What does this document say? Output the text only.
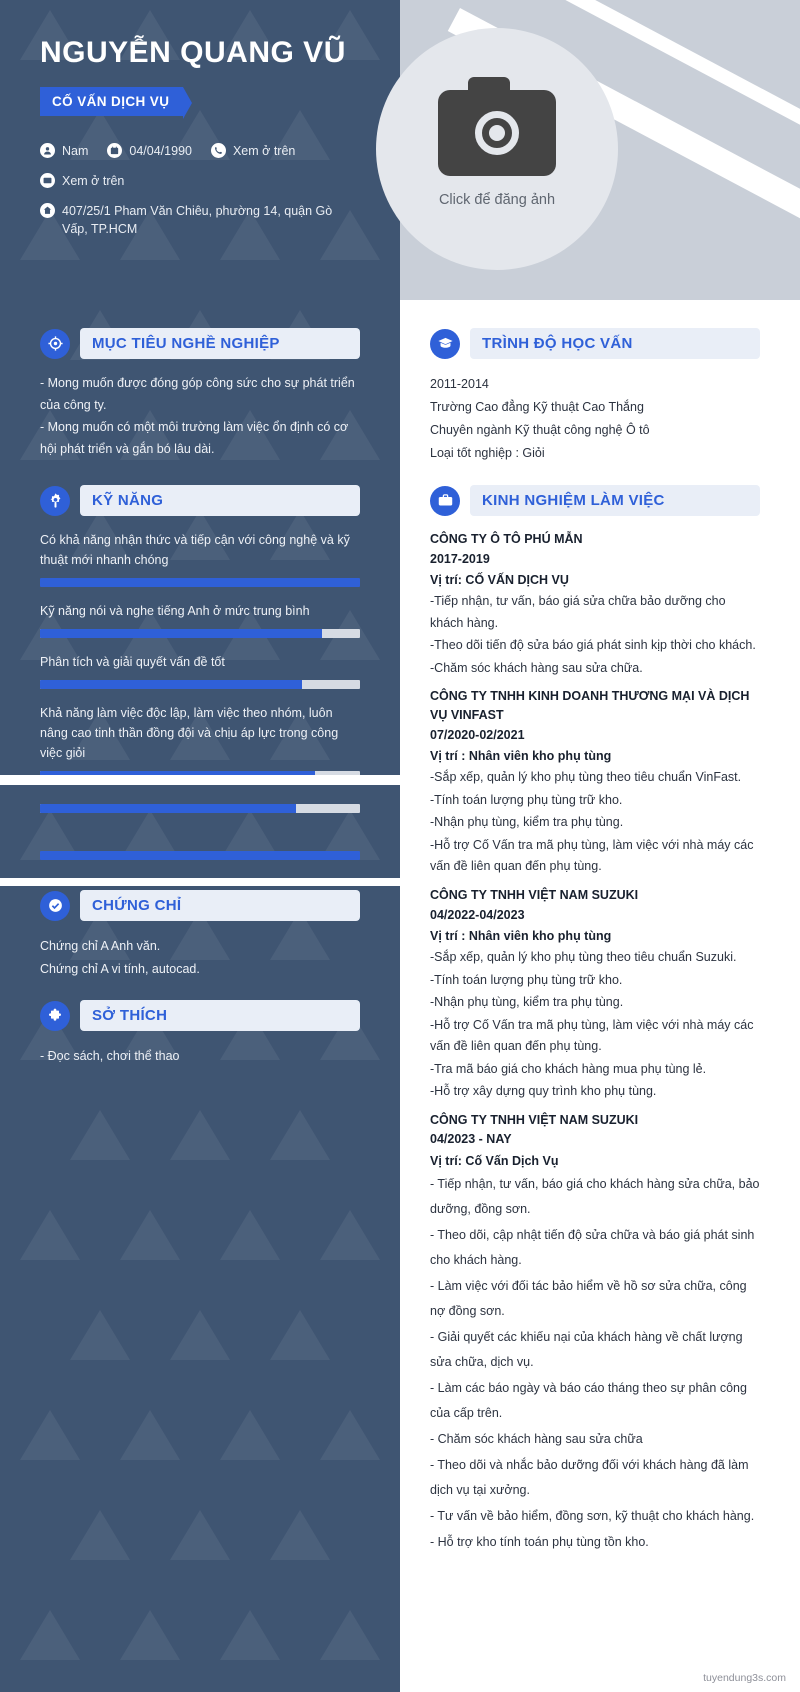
Click để đăng ảnh
NGUYỄN QUANG VŨ
CỐ VẤN DỊCH VỤ
Nam	04/04/1990	Xem ở trên
Xem ở trên
407/25/1 Pham Văn Chiêu, phường 14, quận Gò Vấp, TP.HCM
MỤC TIÊU NGHỀ NGHIỆP

- Mong muốn được đóng góp công sức cho sự phát triển của công ty.

- Mong muốn có một môi trường làm việc ổn định có cơ hội phát triển và gắn bó lâu dài.

KỸ NĂNG
Có khả năng nhận thức và tiếp cận với công nghệ và kỹ thuật mới nhanh chóng
Kỹ năng nói và nghe tiếng Anh ở mức trung bình
Phân tích và giải quyết vấn đề tốt
Khả năng làm việc độc lập, làm việc theo nhóm, luôn nâng cao tinh thần đồng đội và chịu áp lực trong công việc giỏi
CHỨNG CHỈ
Chứng chỉ A Anh văn.
Chứng chỉ A vi tính, autocad.
SỞ THÍCH
- Đọc sách, chơi thể thao
TRÌNH ĐỘ HỌC VẤN
2011-2014
Trường Cao đẳng Kỹ thuật Cao Thắng
Chuyên ngành Kỹ thuật công nghệ Ô tô
Loại tốt nghiệp : Giỏi
KINH NGHIỆM LÀM VIỆC
CÔNG TY Ô TÔ PHÚ MẪN
2017-2019
Vị trí: CỐ VẤN DỊCH VỤ

-Tiếp nhận, tư vấn, báo giá sửa chữa bảo dưỡng cho khách hàng.

-Theo dõi tiến độ sửa báo giá phát sinh kịp thời cho khách.

-Chăm sóc khách hàng sau sửa chữa.

CÔNG TY TNHH KINH DOANH THƯƠNG MẠI VÀ DỊCH VỤ VINFAST
07/2020-02/2021
Vị trí : Nhân viên kho phụ tùng

-Sắp xếp, quản lý kho phụ tùng theo tiêu chuẩn VinFast.

-Tính toán lượng phụ tùng trữ kho.

-Nhận phụ tùng, kiểm tra phụ tùng.

-Hỗ trợ Cố Vấn tra mã phụ tùng, làm việc với nhà máy các vấn đề liên quan đến phụ tùng.

CÔNG TY TNHH VIỆT NAM SUZUKI
04/2022-04/2023
Vị trí : Nhân viên kho phụ tùng

-Sắp xếp, quản lý kho phụ tùng theo tiêu chuẩn Suzuki.

-Tính toán lượng phụ tùng trữ kho.

-Nhận phụ tùng, kiểm tra phụ tùng.

-Hỗ trợ Cố Vấn tra mã phụ tùng, làm việc với nhà máy các vấn đề liên quan đến phụ tùng.

-Tra mã báo giá cho khách hàng mua phụ tùng lẻ.

-Hỗ trợ xây dựng quy trình kho phụ tùng.

CÔNG TY TNHH VIỆT NAM SUZUKI
04/2023 - NAY
Vị trí: Cố Vấn Dịch Vụ

- Tiếp nhận, tư vấn, báo giá cho khách hàng sửa chữa, bảo dưỡng, đồng sơn.

- Theo dõi, cập nhật tiến độ sửa chữa và báo giá phát sinh cho khách hàng.

- Làm việc với đối tác bảo hiểm về hồ sơ sửa chữa, công nợ đồng sơn.

- Giải quyết các khiếu nại của khách hàng về chất lượng sửa chữa, dịch vụ.

- Làm các báo ngày và báo cáo tháng theo sự phân công của cấp trên.

- Chăm sóc khách hàng sau sửa chữa

- Theo dõi và nhắc bảo dưỡng đối với khách hàng đã làm dịch vụ tại xưởng.

- Tư vấn về bảo hiểm, đồng sơn, kỹ thuật cho khách hàng.

- Hỗ trợ kho tính toán phụ tùng tồn kho.

tuyendung3s.com
